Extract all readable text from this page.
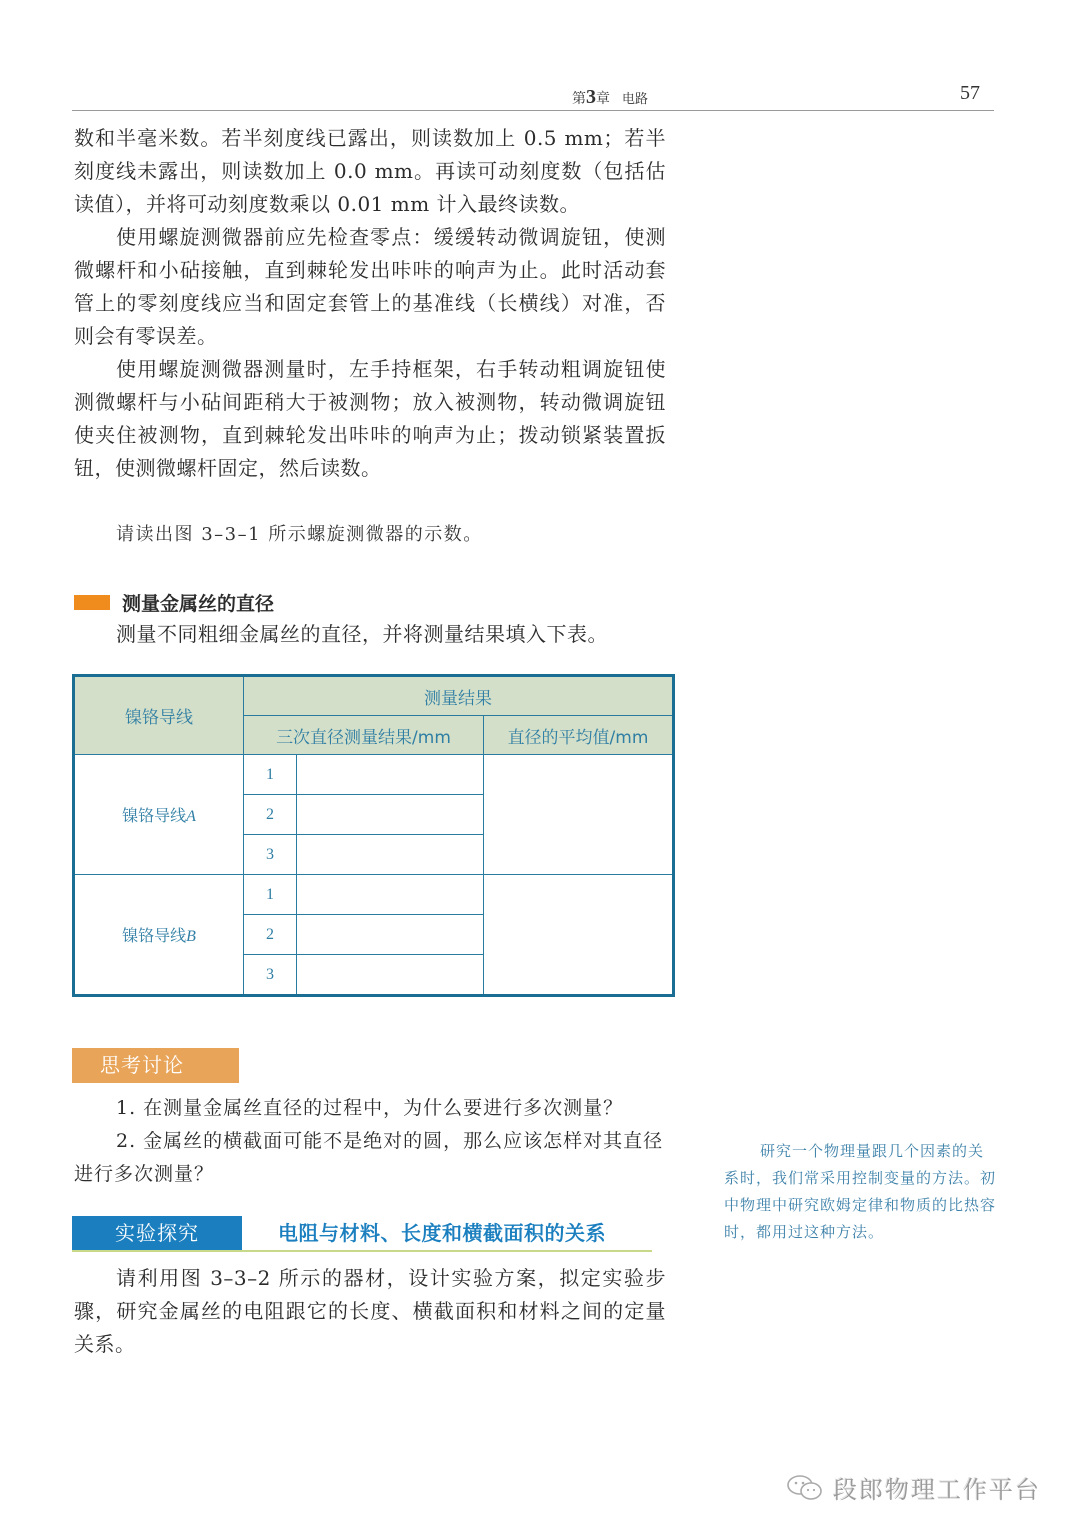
第3章 电路	57

数和半毫米数。若半刻度线已露出，则读数加上 0.5 mm；若半刻度线未露出，则读数加上 0.0 mm。再读可动刻度数（包括估读值），并将可动刻度数乘以 0.01 mm 计入最终读数。

使用螺旋测微器前应先检查零点：缓缓转动微调旋钮，使测微螺杆和小砧接触，直到棘轮发出咔咔的响声为止。此时活动套管上的零刻度线应当和固定套管上的基准线（长横线）对准，否则会有零误差。

使用螺旋测微器测量时，左手持框架，右手转动粗调旋钮使测微螺杆与小砧间距稍大于被测物；放入被测物，转动微调旋钮使夹住被测物，直到棘轮发出咔咔的响声为止；拨动锁紧装置扳钮，使测微螺杆固定，然后读数。

请读出图 3–3–1 所示螺旋测微器的示数。
测量金属丝的直径
测量不同粗细金属丝的直径，并将测量结果填入下表。
镍铬导线	测量结果		
	三次直径测量结果/mm		直径的平均值/mm
镍铬导线A	1		
	2		
	3		
镍铬导线B	1		
	2		
	3		
思考讨论

1. 在测量金属丝直径的过程中，为什么要进行多次测量？

2. 金属丝的横截面可能不是绝对的圆，那么应该怎样对其直径进行多次测量？

实验探究	电阻与材料、长度和横截面积的关系

请利用图 3–3–2 所示的器材，设计实验方案，拟定实验步骤，研究金属丝的电阻跟它的长度、横截面积和材料之间的定量关系。

研究一个物理量跟几个因素的关系时，我们常采用控制变量的方法。初中物理中研究欧姆定律和物质的比热容时，都用过这种方法。

段郎物理工作平台
